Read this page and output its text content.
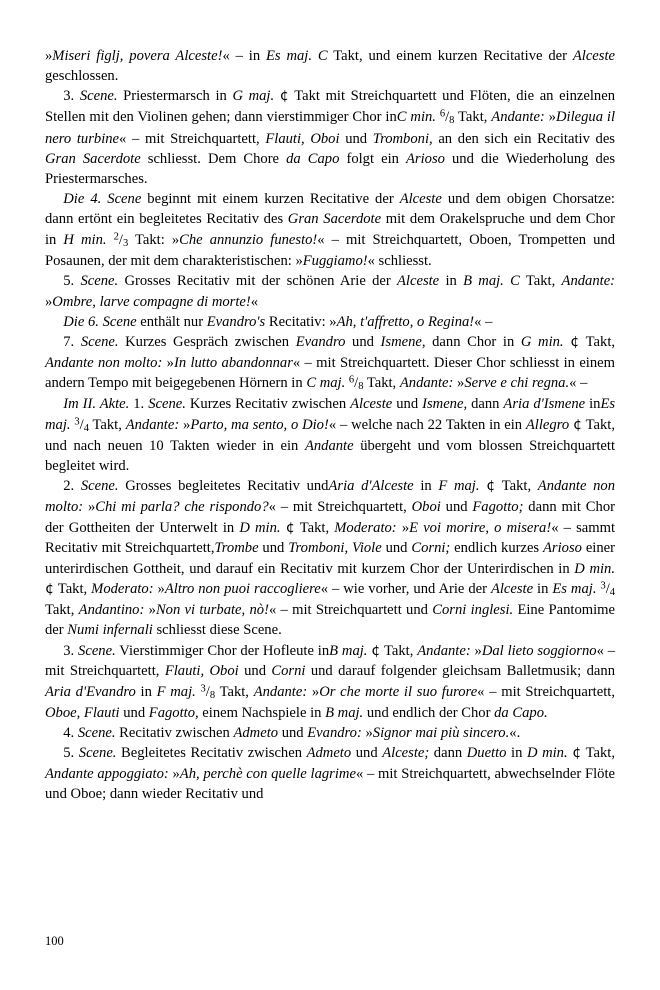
»Miseri figlj, povera Alceste!« – in Es maj. C Takt, und einem kurzen Recitative der Alceste geschlossen.

3. Scene. Priestermarsch in G maj. ¢ Takt mit Streichquartett und Flöten, die an einzelnen Stellen mit den Violinen gehen; dann vierstimmiger Chor inC min. $^6$/8 Takt, Andante: »Dilegua il nero turbine« – mit Streichquartett, Flauti, Oboi und Tromboni, an den sich ein Recitativ des Gran Sacerdote schliesst. Dem Chore da Capo folgt ein Arioso und die Wiederholung des Priestermarsches.

Die 4. Scene beginnt mit einem kurzen Recitative der Alceste und dem obigen Chorsatze: dann ertönt ein begleitetes Recitativ des Gran Sacerdote mit dem Orakelspruche und dem Chor in H min. $^2$/3 Takt: »Che annunzio funesto!« – mit Streichquartett, Oboen, Trompetten und Posaunen, der mit dem charakteristischen: »Fuggiamo!« schliesst.

5. Scene. Grosses Recitativ mit der schönen Arie der Alceste in B maj. C Takt, Andante: »Ombre, larve compagne di morte!«

Die 6. Scene enthält nur Evandro's Recitativ: »Ah, t'affretto, o Regina!« –

7. Scene. Kurzes Gespräch zwischen Evandro und Ismene, dann Chor in G min. ¢ Takt, Andante non molto: »In lutto abandonnar« – mit Streichquartett. Dieser Chor schliesst in einem andern Tempo mit beigegebenen Hörnern in C maj. $^6$/8 Takt, Andante: »Serve e chi regna.« –

Im II. Akte. 1. Scene. Kurzes Recitativ zwischen Alceste und Ismene, dann Aria d'Ismene inEs maj. $^3$/4 Takt, Andante: »Parto, ma sento, o Dio!« – welche nach 22 Takten in ein Allegro ¢ Takt, und nach neuen 10 Takten wieder in ein Andante übergeht und vom blossen Streichquartett begleitet wird.

2. Scene. Grosses begleitetes Recitativ undAria d'Alceste in F maj. ¢ Takt, Andante non molto: »Chi mi parla? che rispondo?« – mit Streichquartett, Oboi und Fagotto; dann mit Chor der Gottheiten der Unterwelt in D min. ¢ Takt, Moderato: »E voi morire, o misera!« – sammt Recitativ mit Streichquartett,Trombe und Tromboni, Viole und Corni; endlich kurzes Arioso einer unterirdischen Gottheit, und darauf ein Recitativ mit kurzem Chor der Unterirdischen in D min. ¢ Takt, Moderato: »Altro non puoi raccogliere« – wie vorher, und Arie der Alceste in Es maj. $^3$/4 Takt, Andantino: »Non vi turbate, nò!« – mit Streichquartett und Corni inglesi. Eine Pantomime der Numi infernali schliesst diese Scene.

3. Scene. Vierstimmiger Chor der Hofleute inB maj. ¢ Takt, Andante: »Dal lieto soggiorno« – mit Streichquartett, Flauti, Oboi und Corni und darauf folgender gleichsam Balletmusik; dann Aria d'Evandro in F maj. $^3$/8 Takt, Andante: »Or che morte il suo furore« – mit Streichquartett, Oboe, Flauti und Fagotto, einem Nachspiele in B maj. und endlich der Chor da Capo.

4. Scene. Recitativ zwischen Admeto und Evandro: »Signor mai più sincero.«.

5. Scene. Begleitetes Recitativ zwischen Admeto und Alceste; dann Duetto in D min. ¢ Takt, Andante appoggiato: »Ah, perchè con quelle lagrime« – mit Streichquartett, abwechselnder Flöte und Oboe; dann wieder Recitativ und

100
